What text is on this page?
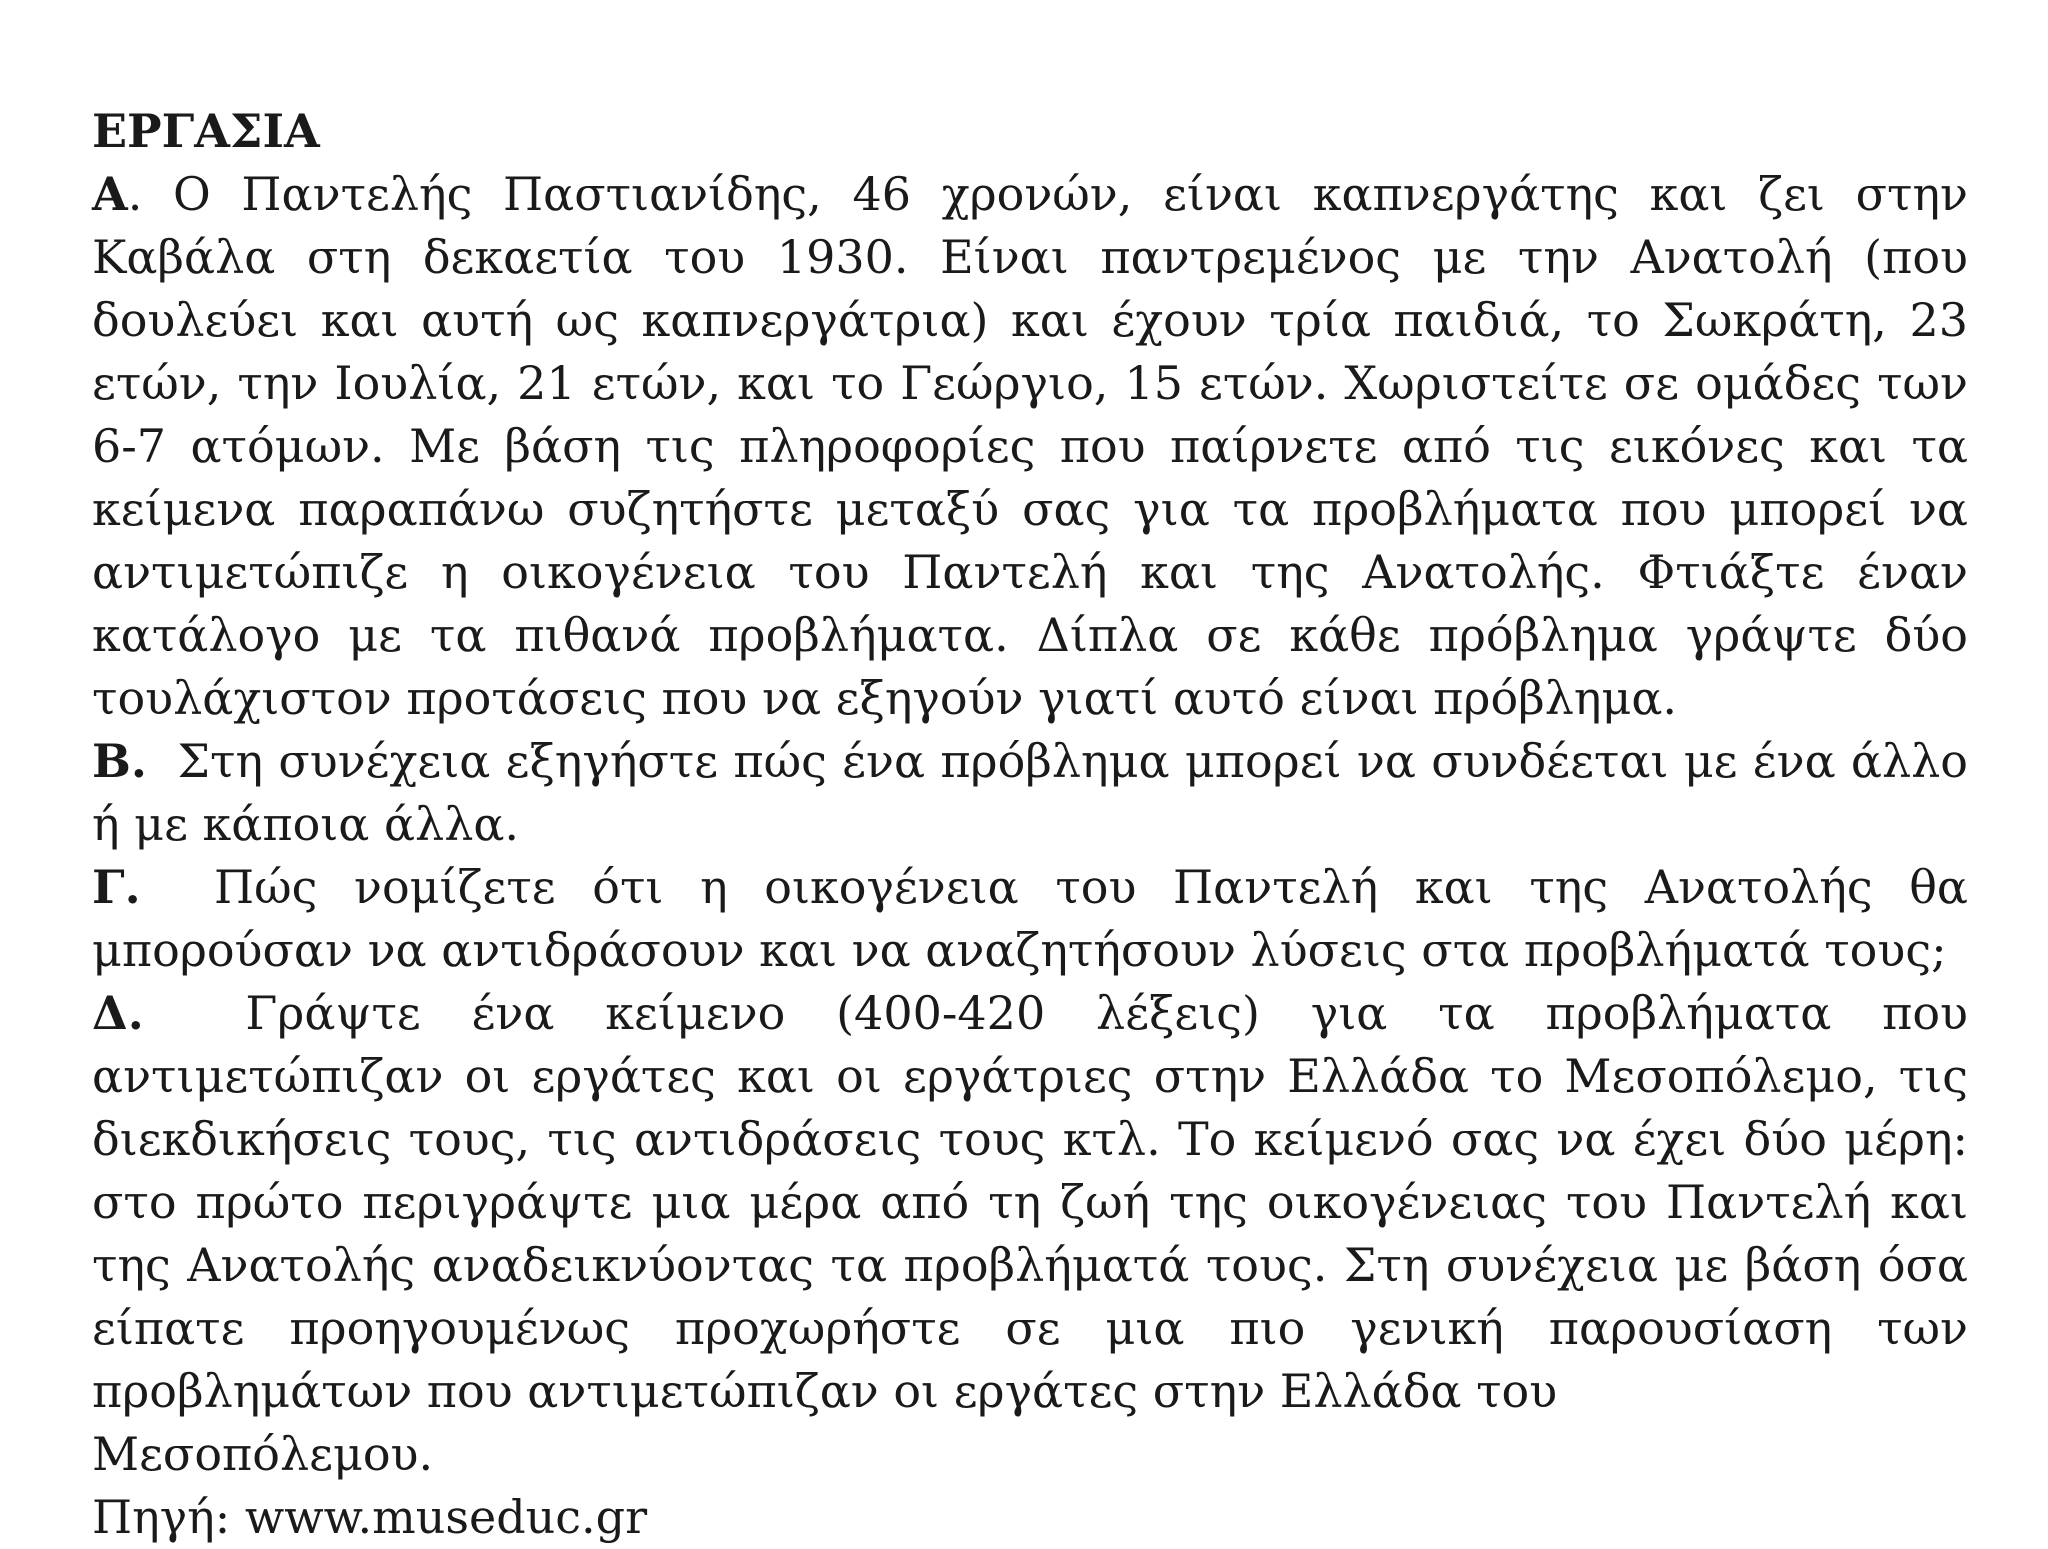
ΕΡΓΑΣΙΑ

Α. Ο Παντελής Παστιανίδης, 46 χρονών, είναι καπνεργάτης και ζει στην Καβάλα στη δεκαετία του 1930. Είναι παντρεμένος με την Ανατολή (που δουλεύει και αυτή ως καπνεργάτρια) και έχουν τρία παιδιά, το Σωκράτη, 23 ετών, την Ιουλία, 21 ετών, και το Γεώργιο, 15 ετών. Χωριστείτε σε ομάδες των 6-7 ατόμων. Με βάση τις πληροφορίες που παίρνετε από τις εικόνες και τα κείμενα παραπάνω συζητήστε μεταξύ σας για τα προβλήματα που μπορεί να αντιμετώπιζε η οικογένεια του Παντελή και της Ανατολής. Φτιάξτε έναν κατάλογο με τα πιθανά προβλήματα. Δίπλα σε κάθε πρόβλημα γράψτε δύο τουλάχιστον προτάσεις που να εξηγούν γιατί αυτό είναι πρόβλημα.

Β. Στη συνέχεια εξηγήστε πώς ένα πρόβλημα μπορεί να συνδέεται με ένα άλλο ή με κάποια άλλα.

Γ. Πώς νομίζετε ότι η οικογένεια του Παντελή και της Ανατολής θα μπορούσαν να αντιδράσουν και να αναζητήσουν λύσεις στα προβλήματά τους;

Δ. Γράψτε ένα κείμενο (400-420 λέξεις) για τα προβλήματα που αντιμετώπιζαν οι εργάτες και οι εργάτριες στην Ελλάδα το Μεσοπόλεμο, τις διεκδικήσεις τους, τις αντιδράσεις τους κτλ. Το κείμενό σας να έχει δύο μέρη: στο πρώτο περιγράψτε μια μέρα από τη ζωή της οικογένειας του Παντελή και της Ανατολής αναδεικνύοντας τα προβλήματά τους. Στη συνέχεια με βάση όσα είπατε προηγουμένως προχωρήστε σε μια πιο γενική παρουσίαση των προβλημάτων που αντιμετώπιζαν οι εργάτες στην Ελλάδα του

Μεσοπόλεμου.

Πηγή: www.museduc.gr
